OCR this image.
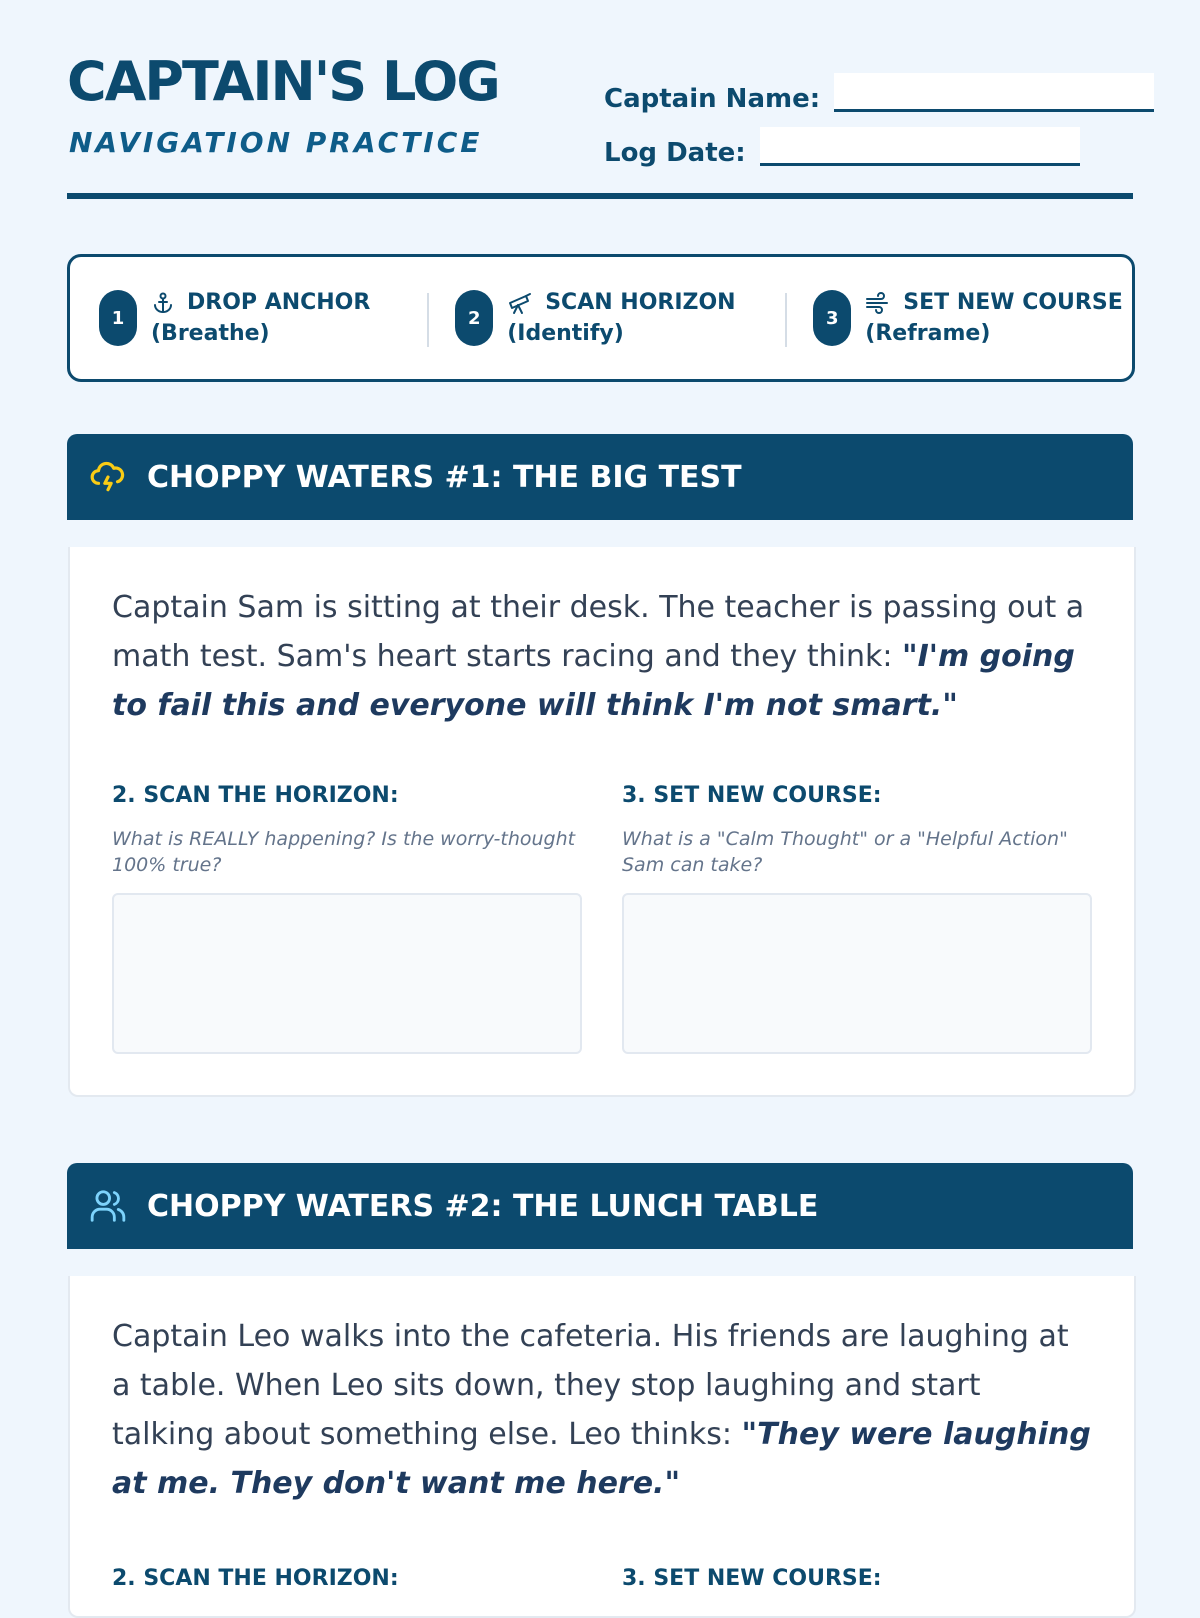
CAPTAIN'S LOG

NAVIGATION PRACTICE

Captain Name:
Log Date:
1
DROP ANCHOR
(Breathe)
2
SCAN HORIZON
(Identify)
3
SET NEW COURSE
(Reframe)
CHOPPY WATERS #1: THE BIG TEST
Captain Sam is sitting at their desk. The teacher is passing out a math test. Sam's heart starts racing and they think: "I'm going to fail this and everyone will think I'm not smart."

2. SCAN THE HORIZON:

What is REALLY happening? Is the worry-thought 100% true?

3. SET NEW COURSE:

What is a "Calm Thought" or a "Helpful Action" Sam can take?

CHOPPY WATERS #2: THE LUNCH TABLE
Captain Leo walks into the cafeteria. His friends are laughing at a table. When Leo sits down, they stop laughing and start talking about something else. Leo thinks: "They were laughing at me. They don't want me here."

2. SCAN THE HORIZON:	3. SET NEW COURSE:
